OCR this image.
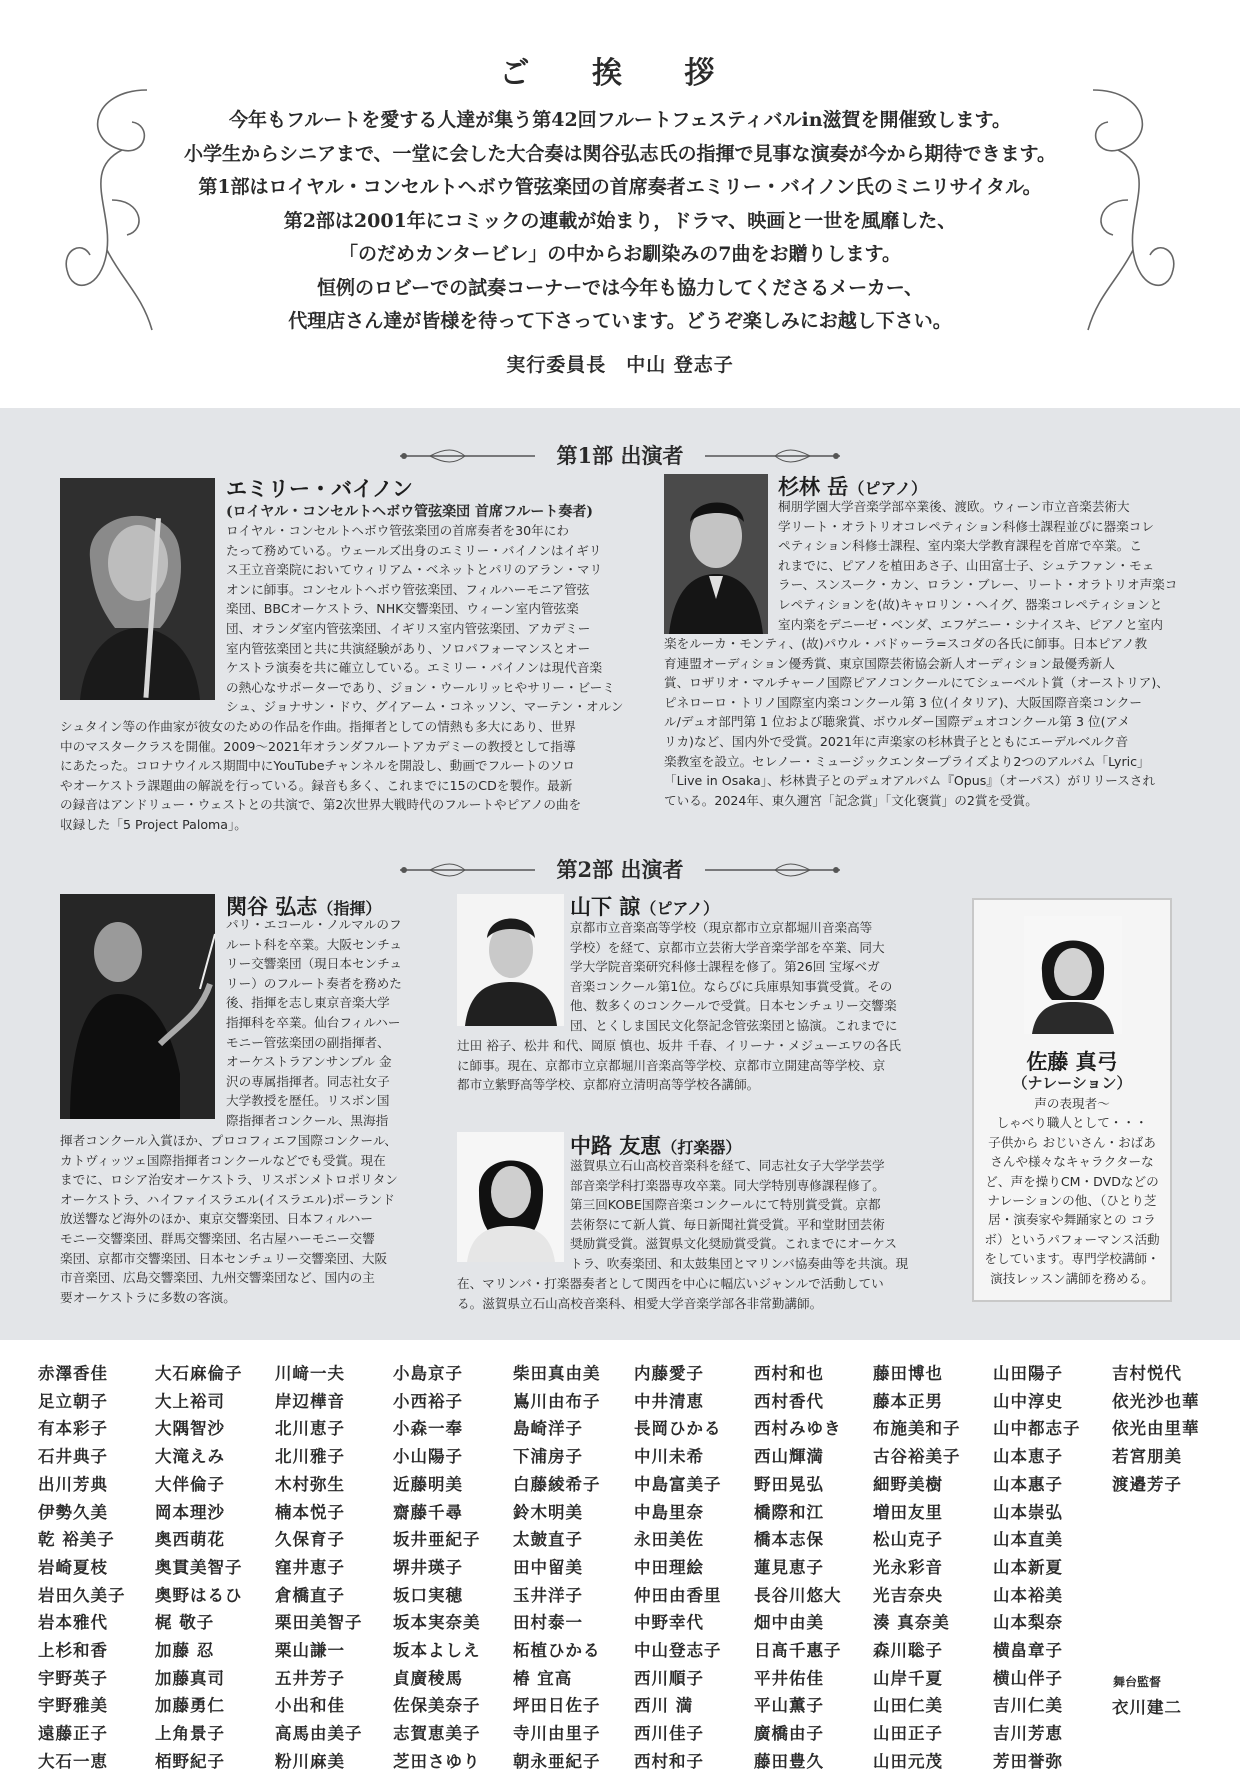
ご 挨 拶
今年もフルートを愛する人達が集う第42回フルートフェスティバルin滋賀を開催致します。
小学生からシニアまで、一堂に会した大合奏は関谷弘志氏の指揮で見事な演奏が今から期待できます。
第1部はロイヤル・コンセルトヘボウ管弦楽団の首席奏者エミリー・バイノン氏のミニリサイタル。
第2部は2001年にコミックの連載が始まり，ドラマ、映画と一世を風靡した、
「のだめカンタービレ」の中からお馴染みの7曲をお贈りします。
恒例のロビーでの試奏コーナーでは今年も協力してくださるメーカー、
代理店さん達が皆様を待って下さっています。どうぞ楽しみにお越し下さい。
実行委員長　中山 登志子
第1部 出演者
エミリー・バイノン
(ロイヤル・コンセルトヘボウ管弦楽団 首席フルート奏者)
ロイヤル・コンセルトヘボウ管弦楽団の首席奏者を30年にわ
たって務めている。ウェールズ出身のエミリー・バイノンはイギリ
ス王立音楽院においてウィリアム・ベネットとパリのアラン・マリ
オンに師事。コンセルトヘボウ管弦楽団、フィルハーモニア管弦
楽団、BBCオーケストラ、NHK交響楽団、ウィーン室内管弦楽
団、オランダ室内管弦楽団、イギリス室内管弦楽団、アカデミー
室内管弦楽団と共に共演経験があり、ソロパフォーマンスとオー
ケストラ演奏を共に確立している。エミリー・バイノンは現代音楽
の熱心なサポーターであり、ジョン・ウールリッヒやサリー・ビーミ
シュ、ジョナサン・ドウ、グイアーム・コネッソン、マーテン・オルン
シュタイン等の作曲家が彼女のための作品を作曲。指揮者としての情熱も多大にあり、世界
中のマスタークラスを開催。2009～2021年オランダフルートアカデミーの教授として指導
にあたった。コロナウイルス期間中にYouTubeチャンネルを開設し、動画でフルートのソロ
やオーケストラ課題曲の解説を行っている。録音も多く、これまでに15のCDを製作。最新
の録音はアンドリュー・ウェストとの共演で、第2次世界大戦時代のフルートやピアノの曲を
収録した「5 Project Paloma」。
杉林 岳（ピアノ）
桐朋学園大学音楽学部卒業後、渡欧。ウィーン市立音楽芸術大
学リート・オラトリオコレペティション科修士課程並びに器楽コレ
ペティション科修士課程、室内楽大学教育課程を首席で卒業。こ
れまでに、ピアノを植田あさ子、山田富士子、シュテファン・モェ
ラー、スンスーク・カン、ロラン・ブレー、リート・オラトリオ声楽コ
レペティションを(故)キャロリン・ヘイグ、器楽コレペティションと
室内楽をデニーゼ・ベンダ、エフゲニー・シナイスキ、ピアノと室内
楽をルーカ・モンティ、(故)パウル・バドゥーラ=スコダの各氏に師事。日本ピアノ教
育連盟オーディション優秀賞、東京国際芸術協会新人オーディション最優秀新人
賞、ロザリオ・マルチャーノ国際ピアノコンクールにてシューベルト賞（オーストリア)、
ピネローロ・トリノ国際室内楽コンクール第 3 位(イタリア)、大阪国際音楽コンクー
ル/デュオ部門第 1 位および聴衆賞、ボウルダー国際デュオコンクール第 3 位(アメ
リカ)など、国内外で受賞。2021年に声楽家の杉林貴子とともにエーデルベルク音
楽教室を設立。セレノー・ミュージックエンタープライズより2つのアルバム「Lyric」
「Live in Osaka」、杉林貴子とのデュオアルバム『Opus』（オーパス）がリリースされ
ている。2024年、東久邇宮「記念賞」「文化褒賞」の2賞を受賞。
第2部 出演者
関谷 弘志（指揮）
パリ・エコール・ノルマルのフ
ルート科を卒業。大阪センチュ
リー交響楽団（現日本センチュ
リー）のフルート奏者を務めた
後、指揮を志し東京音楽大学
指揮科を卒業。仙台フィルハー
モニー管弦楽団の副指揮者、
オーケストラアンサンブル 金
沢の専属指揮者。同志社女子
大学教授を歴任。リスボン国
際指揮者コンクール、黒海指
揮者コンクール入賞ほか、プロコフィエフ国際コンクール、
カトヴィッツェ国際指揮者コンクールなどでも受賞。現在
までに、ロシア治安オーケストラ、リスボンメトロポリタン
オーケストラ、ハイファイスラエル(イスラエル)ポーランド
放送響など海外のほか、東京交響楽団、日本フィルハー
モニー交響楽団、群馬交響楽団、名古屋ハーモニー交響
楽団、京都市交響楽団、日本センチュリー交響楽団、大阪
市音楽団、広島交響楽団、九州交響楽団など、国内の主
要オーケストラに多数の客演。
山下 諒（ピアノ）
京都市立音楽高等学校（現京都市立京都堀川音楽高等
学校）を経て、京都市立芸術大学音楽学部を卒業、同大
学大学院音楽研究科修士課程を修了。第26回 宝塚ベガ
音楽コンクール第1位。ならびに兵庫県知事賞受賞。その
他、数多くのコンクールで受賞。日本センチュリー交響楽
団、とくしま国民文化祭記念管弦楽団と協演。これまでに
辻田 裕子、松井 和代、岡原 慎也、坂井 千春、イリーナ・メジューエワの各氏
に師事。現在、京都市立京都堀川音楽高等学校、京都市立開建高等学校、京
都市立紫野高等学校、京都府立清明高等学校各講師。
中路 友恵（打楽器）
滋賀県立石山高校音楽科を経て、同志社女子大学学芸学
部音楽学科打楽器専攻卒業。同大学特別専修課程修了。
第三回KOBE国際音楽コンクールにて特別賞受賞。京都
芸術祭にて新人賞、毎日新聞社賞受賞。平和堂財団芸術
奨励賞受賞。滋賀県文化奨励賞受賞。これまでにオーケス
トラ、吹奏楽団、和太鼓集団とマリンバ協奏曲等を共演。現
在、マリンバ・打楽器奏者として関西を中心に幅広いジャンルで活動してい
る。滋賀県立石山高校音楽科、相愛大学音楽学部各非常勤講師。
佐藤 真弓
（ナレーション）
声の表現者～
しゃべり職人として・・・
子供から おじいさん・おばあ
さんや様々なキャラクターな
ど、声を操りCM・DVDなどの
ナレーションの他、（ひとり芝
居・演奏家や舞踊家との コラ
ボ）というパフォーマンス活動
をしています。専門学校講師・
演技レッスン講師を務める。
赤澤香佳
足立朝子
有本彩子
石井典子
出川芳典
伊勢久美
乾 裕美子
岩崎夏枝
岩田久美子
岩本雅代
上杉和香
宇野英子
宇野雅美
遠藤正子
大石一恵
大石麻倫子
大上裕司
大隅智沙
大滝えみ
大伴倫子
岡本理沙
奥西萌花
奥貫美智子
奥野はるひ
梶 敬子
加藤 忍
加藤真司
加藤勇仁
上角景子
栢野紀子
川﨑一夫
岸辺樺音
北川恵子
北川雅子
木村弥生
楠本悦子
久保育子
窪井恵子
倉橋直子
栗田美智子
栗山謙一
五井芳子
小出和佳
高馬由美子
粉川麻美
小島京子
小西裕子
小森一奉
小山陽子
近藤明美
齋藤千尋
坂井亜紀子
堺井瑛子
坂口実穂
坂本実奈美
坂本よしえ
貞廣稜馬
佐保美奈子
志賀恵美子
芝田さゆり
柴田真由美
嶌川由布子
島崎洋子
下浦房子
白藤綾希子
鈴木明美
太皷直子
田中留美
玉井洋子
田村泰一
柘植ひかる
椿 宜高
坪田日佐子
寺川由里子
朝永亜紀子
内藤愛子
中井清恵
長岡ひかる
中川未希
中島富美子
中島里奈
永田美佐
中田理絵
仲田由香里
中野幸代
中山登志子
西川順子
西川 満
西川佳子
西村和子
西村和也
西村香代
西村みゆき
西山輝満
野田晃弘
橋際和江
橋本志保
蓮見恵子
長谷川悠大
畑中由美
日髙千惠子
平井佑佳
平山薫子
廣橋由子
藤田豊久
藤田博也
藤本正男
布施美和子
古谷裕美子
細野美樹
増田友里
松山克子
光永彩音
光吉奈央
湊 真奈美
森川聡子
山岸千夏
山田仁美
山田正子
山田元茂
山田陽子
山中淳史
山中都志子
山本恵子
山本惠子
山本崇弘
山本直美
山本新夏
山本裕美
山本梨奈
横畠章子
横山伴子
吉川仁美
吉川芳恵
芳田誉弥
吉村悦代
依光沙也華
依光由里華
若宮朋美
渡邉芳子
舞台監督
衣川建二
